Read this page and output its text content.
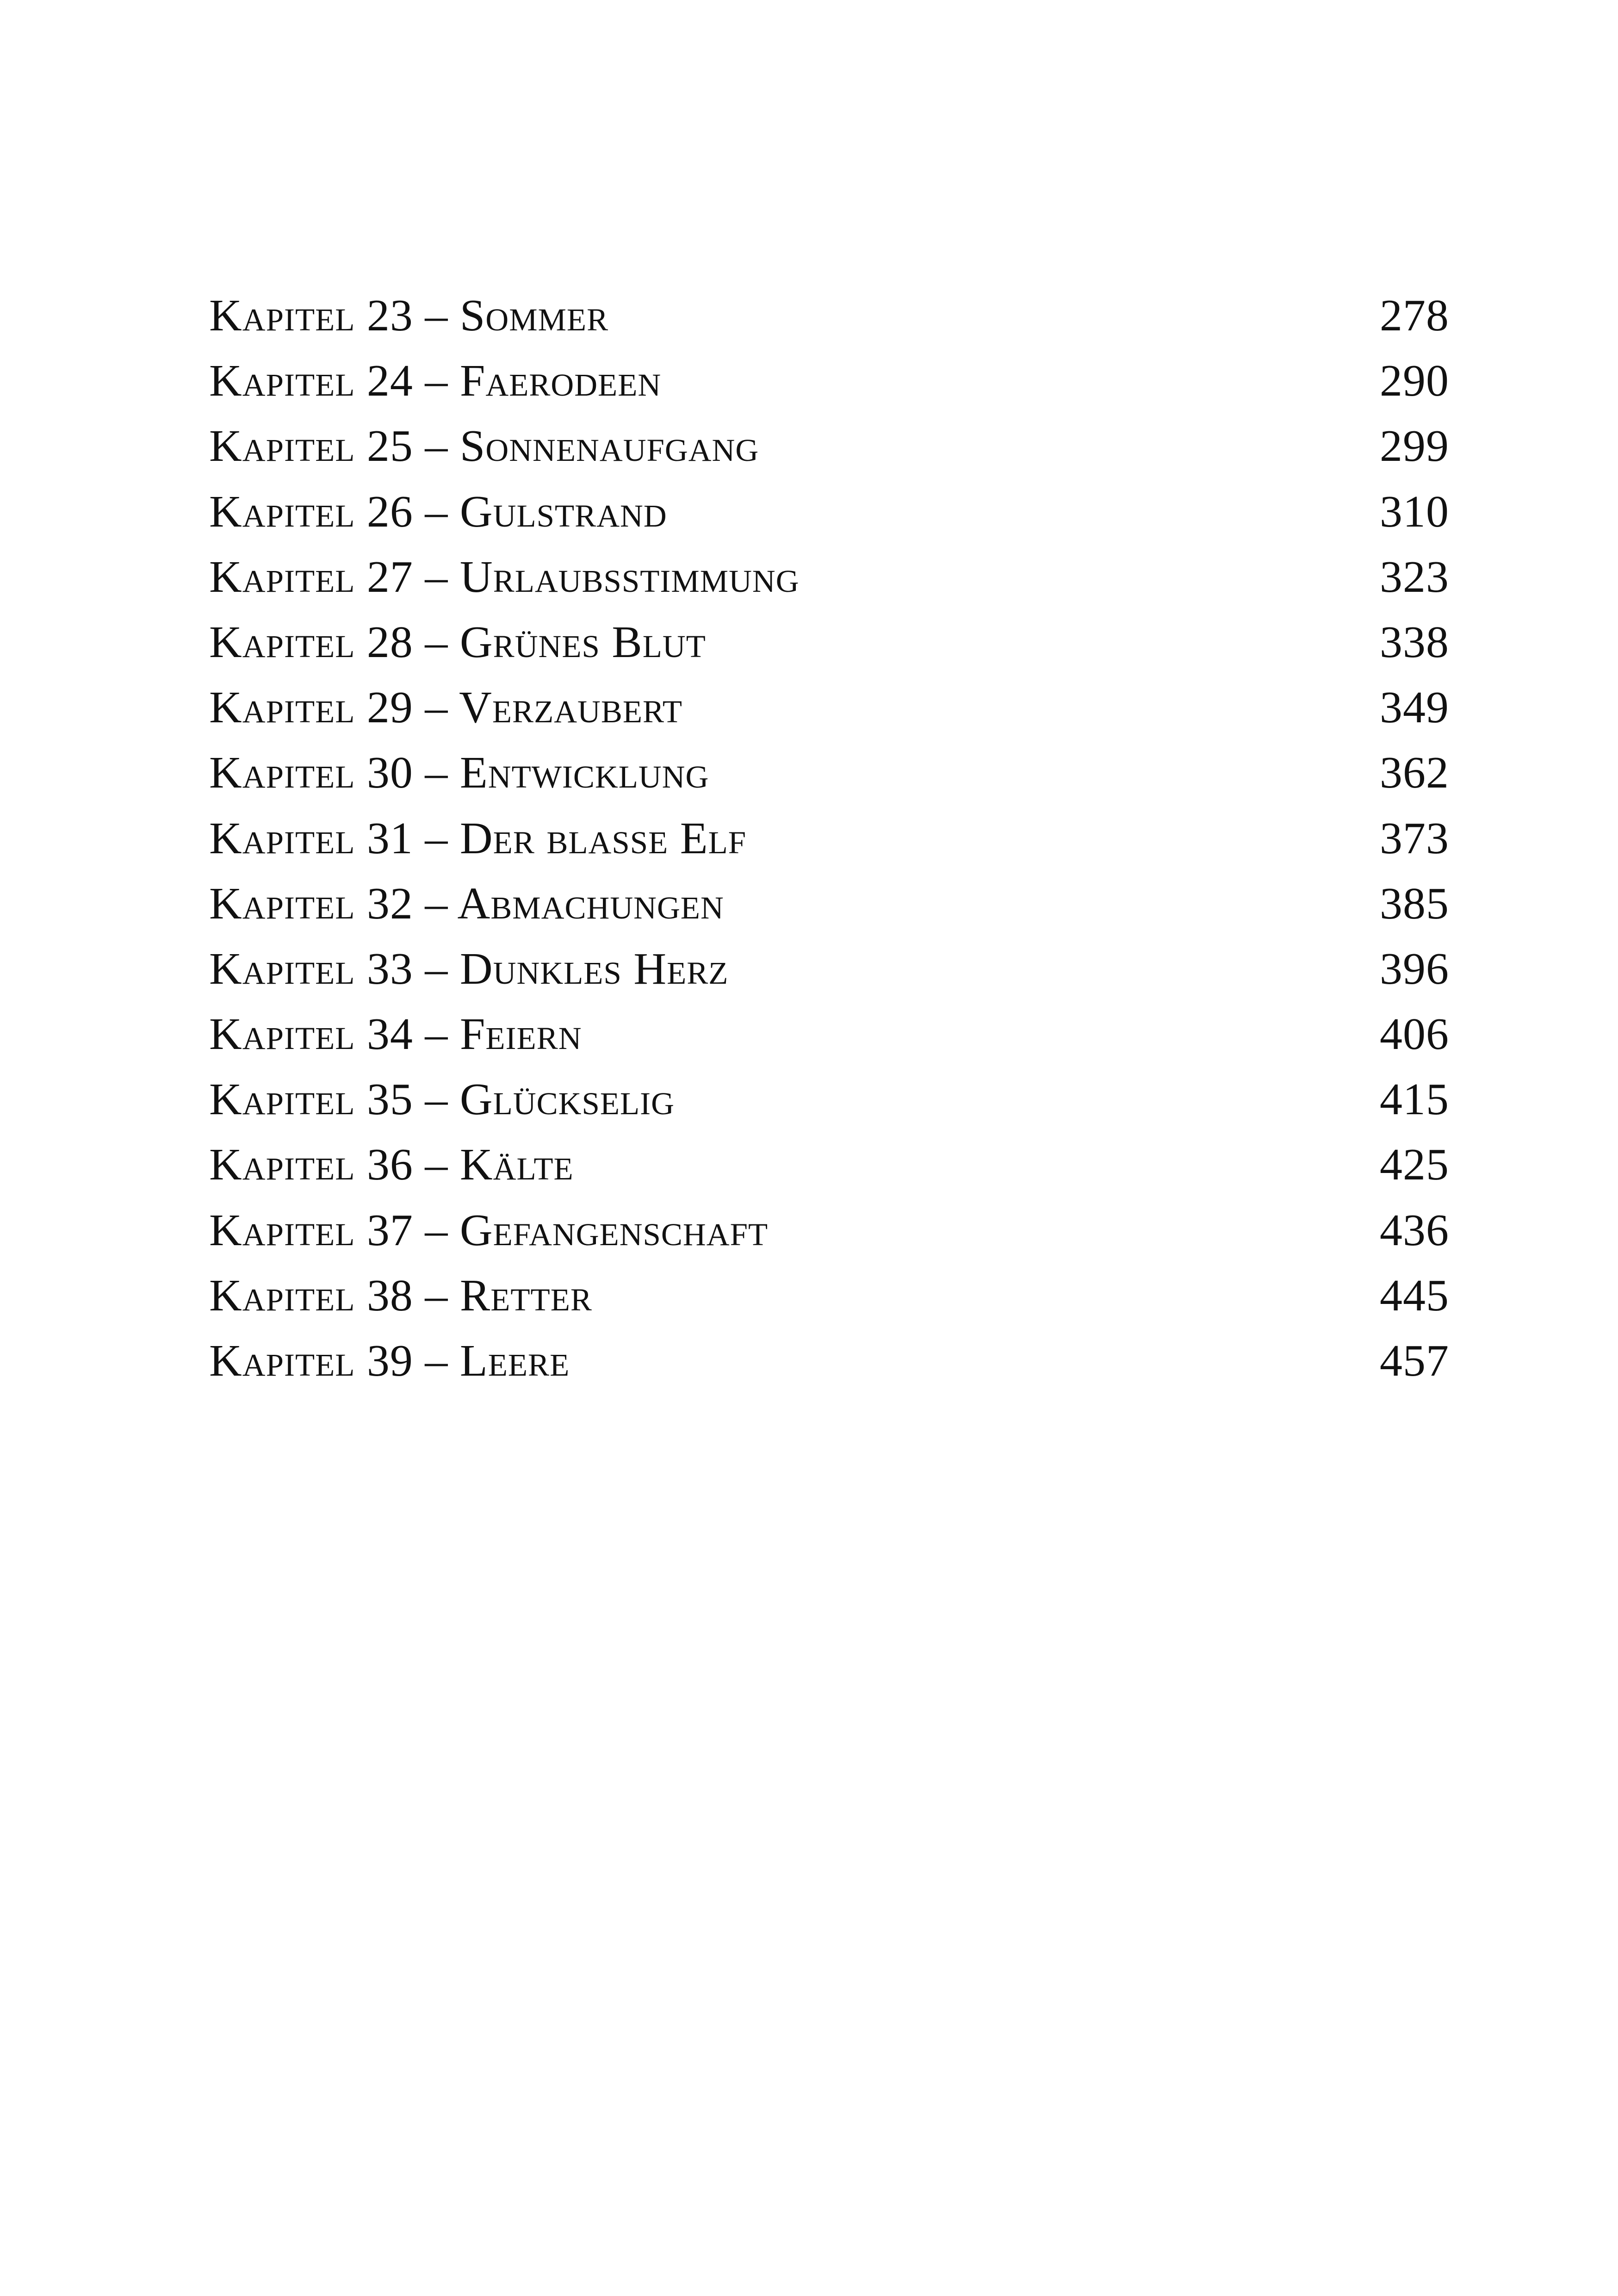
Kapitel 23 – Sommer	278
Kapitel 24 – Faerodeen	290
Kapitel 25 – Sonnenaufgang	299
Kapitel 26 – Gulstrand	310
Kapitel 27 – Urlaubsstimmung	323
Kapitel 28 – Grünes Blut	338
Kapitel 29 – Verzaubert	349
Kapitel 30 – Entwicklung	362
Kapitel 31 – Der blasse Elf	373
Kapitel 32 – Abmachungen	385
Kapitel 33 – Dunkles Herz	396
Kapitel 34 – Feiern	406
Kapitel 35 – Glückselig	415
Kapitel 36 – Kälte	425
Kapitel 37 – Gefangenschaft	436
Kapitel 38 – Retter	445
Kapitel 39 – Leere	457
